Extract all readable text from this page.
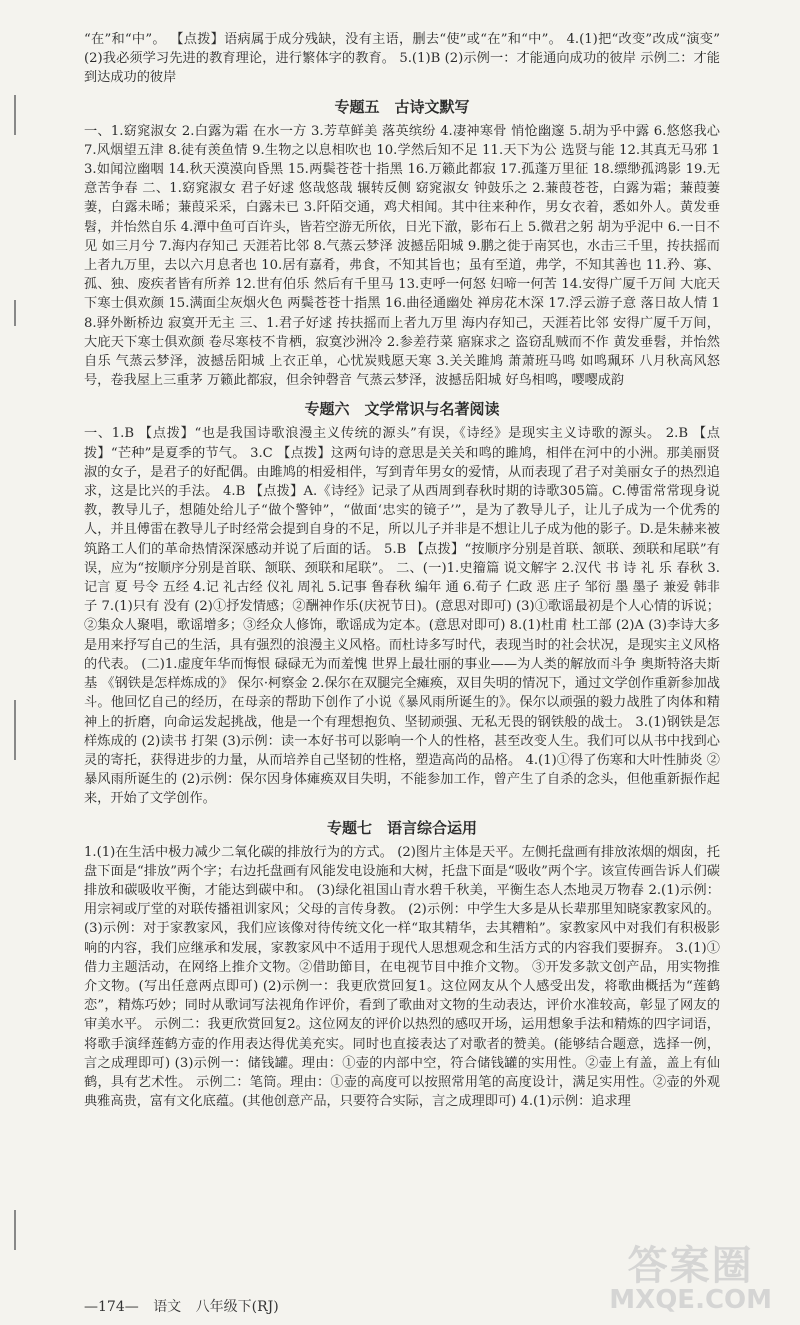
“在”和“中”。 【点拨】语病属于成分残缺，没有主语，删去“使”或“在”和“中”。 4.(1)把“改变”改成“演变” (2)我必须学习先进的教育理论，进行繁体字的教育。 5.(1)B (2)示例一：才能通向成功的彼岸 示例二：才能到达成功的彼岸

专题五　古诗文默写

一、1.窈窕淑女 2.白露为霜 在水一方 3.芳草鲜美 落英缤纷 4.凄神寒骨 悄怆幽邃 5.胡为乎中露 6.悠悠我心 7.风烟望五津 8.徒有羡鱼情 9.生物之以息相吹也 10.学然后知不足 11.天下为公 选贤与能 12.其真无马邪 13.如闻泣幽咽 14.秋天漠漠向昏黑 15.两鬓苍苍十指黑 16.万籁此都寂 17.孤蓬万里征 18.缥缈孤鸿影 19.无意苦争春 二、1.窈窕淑女 君子好逑 悠哉悠哉 辗转反侧 窈窕淑女 钟鼓乐之 2.蒹葭苍苍，白露为霜；蒹葭萋萋，白露未晞；蒹葭采采，白露未已 3.阡陌交通，鸡犬相闻。其中往来种作，男女衣着，悉如外人。黄发垂髫，并怡然自乐 4.潭中鱼可百许头，皆若空游无所依，日光下澈，影布石上 5.微君之躬 胡为乎泥中 6.一日不见 如三月兮 7.海内存知己 天涯若比邻 8.气蒸云梦泽 波撼岳阳城 9.鹏之徙于南冥也，水击三千里，抟扶摇而上者九万里，去以六月息者也 10.居有嘉肴，弗食，不知其旨也；虽有至道，弗学，不知其善也 11.矜、寡、孤、独、废疾者皆有所养 12.世有伯乐 然后有千里马 13.吏呼一何怒 妇啼一何苦 14.安得广厦千万间 大庇天下寒士俱欢颜 15.满面尘灰烟火色 两鬓苍苍十指黑 16.曲径通幽处 禅房花木深 17.浮云游子意 落日故人情 18.驿外断桥边 寂寞开无主 三、1.君子好逑 抟扶摇而上者九万里 海内存知己，天涯若比邻 安得广厦千万间，大庇天下寒士俱欢颜 卷尽寒枝不肯栖，寂寞沙洲冷 2.参差荇菜 寤寐求之 盗窃乱贼而不作 黄发垂髫，并怡然自乐 气蒸云梦泽，波撼岳阳城 上衣正单，心忧炭贱愿天寒 3.关关雎鸠 萧萧班马鸣 如鸣珮环 八月秋高风怒号，卷我屋上三重茅 万籁此都寂，但余钟磬音 气蒸云梦泽，波撼岳阳城 好鸟相鸣，嘤嘤成韵

专题六　文学常识与名著阅读

一、1.B 【点拨】“也是我国诗歌浪漫主义传统的源头”有误，《诗经》是现实主义诗歌的源头。 2.B 【点拨】“芒种”是夏季的节气。 3.C 【点拨】这两句诗的意思是关关和鸣的雎鸠，相伴在河中的小洲。那美丽贤淑的女子，是君子的好配偶。由雎鸠的相爱相伴，写到青年男女的爱情，从而表现了君子对美丽女子的热烈追求，这是比兴的手法。 4.B 【点拨】A.《诗经》记录了从西周到春秋时期的诗歌305篇。C.傅雷常常现身说教，教导儿子，想随处给儿子“做个警钟”，“做面‘忠实的镜子’”，是为了教导儿子，让儿子成为一个优秀的人，并且傅雷在教导儿子时经常会提到自身的不足，所以儿子并非是不想让儿子成为他的影子。D.是朱赫来被筑路工人们的革命热情深深感动并说了后面的话。 5.B 【点拨】“按顺序分别是首联、颔联、颈联和尾联”有误，应为“按顺序分别是首联、颔联、颈联和尾联”。 二、(一)1.史籀篇 说文解字 2.汉代 书 诗 礼 乐 春秋 3.记言 夏 号令 五经 4.记 礼古经 仪礼 周礼 5.记事 鲁春秋 编年 通 6.荀子 仁政 恶 庄子 邹衍 墨 墨子 兼爱 韩非子 7.(1)只有 没有 (2)①抒发情感；②酬神作乐(庆祝节日)。(意思对即可) (3)①歌谣最初是个人心情的诉说；②集众人聚唱，歌谣增多；③经众人修饰，歌谣成为定本。(意思对即可) 8.(1)杜甫 杜工部 (2)A (3)李诗大多是用来抒写自己的生活，具有强烈的浪漫主义风格。而杜诗多写时代，表现当时的社会状况，是现实主义风格的代表。 (二)1.虚度年华而悔恨 碌碌无为而羞愧 世界上最壮丽的事业——为人类的解放而斗争 奥斯特洛夫斯基 《钢铁是怎样炼成的》 保尔·柯察金 2.保尔在双腿完全瘫痪，双目失明的情况下，通过文学创作重新参加战斗。他回忆自己的经历，在母亲的帮助下创作了小说《暴风雨所诞生的》。保尔以顽强的毅力战胜了肉体和精神上的折磨，向命运发起挑战，他是一个有理想抱负、坚韧顽强、无私无畏的钢铁般的战士。 3.(1)钢铁是怎样炼成的 (2)读书 打架 (3)示例：读一本好书可以影响一个人的性格，甚至改变人生。我们可以从书中找到心灵的寄托，获得进步的力量，从而培养自己坚韧的性格，塑造高尚的品格。 4.(1)①得了伤寒和大叶性肺炎 ②暴风雨所诞生的 (2)示例：保尔因身体瘫痪双目失明，不能参加工作，曾产生了自杀的念头，但他重新振作起来，开始了文学创作。

专题七　语言综合运用

1.(1)在生活中极力减少二氧化碳的排放行为的方式。 (2)图片主体是天平。左侧托盘画有排放浓烟的烟囱，托盘下面是“排放”两个字；右边托盘画有风能发电设施和大树，托盘下面是“吸收”两个字。该宣传画告诉人们碳排放和碳吸收平衡，才能达到碳中和。 (3)绿化祖国山青水碧千秋美，平衡生态人杰地灵万物春 2.(1)示例：用宗祠或厅堂的对联传播祖训家风；父母的言传身教。 (2)示例：中学生大多是从长辈那里知晓家教家风的。 (3)示例：对于家教家风，我们应该像对待传统文化一样“取其精华，去其糟粕”。家教家风中对我们有积极影响的内容，我们应继承和发展，家教家风中不适用于现代人思想观念和生活方式的内容我们要摒弃。 3.(1)①借力主题活动，在网络上推介文物。②借助節目，在电视节目中推介文物。 ③开发多款文创产品，用实物推介文物。(写出任意两点即可) (2)示例一：我更欣赏回复1。这位网友从个人感受出发，将歌曲概括为“莲鹤恋”，精炼巧妙；同时从歌词写法视角作评价，看到了歌曲对文物的生动表达，评价水准较高，彰显了网友的审美水平。 示例二：我更欣赏回复2。这位网友的评价以热烈的感叹开场，运用想象手法和精炼的四字词语，将歌手演绎莲鹤方壶的作用表达得优美充实。同时也直接表达了对歌者的赞美。(能够结合题意，选择一例，言之成理即可) (3)示例一：储钱罐。理由：①壶的内部中空，符合储钱罐的实用性。②壶上有盖，盖上有仙鹤，具有艺术性。 示例二：笔筒。理由：①壶的高度可以按照常用笔的高度设计，满足实用性。②壶的外观典雅高贵，富有文化底蕴。(其他创意产品，只要符合实际，言之成理即可) 4.(1)示例：追求理

—174— 语文 八年级下(RJ)
答案圈
MXQE.COM
